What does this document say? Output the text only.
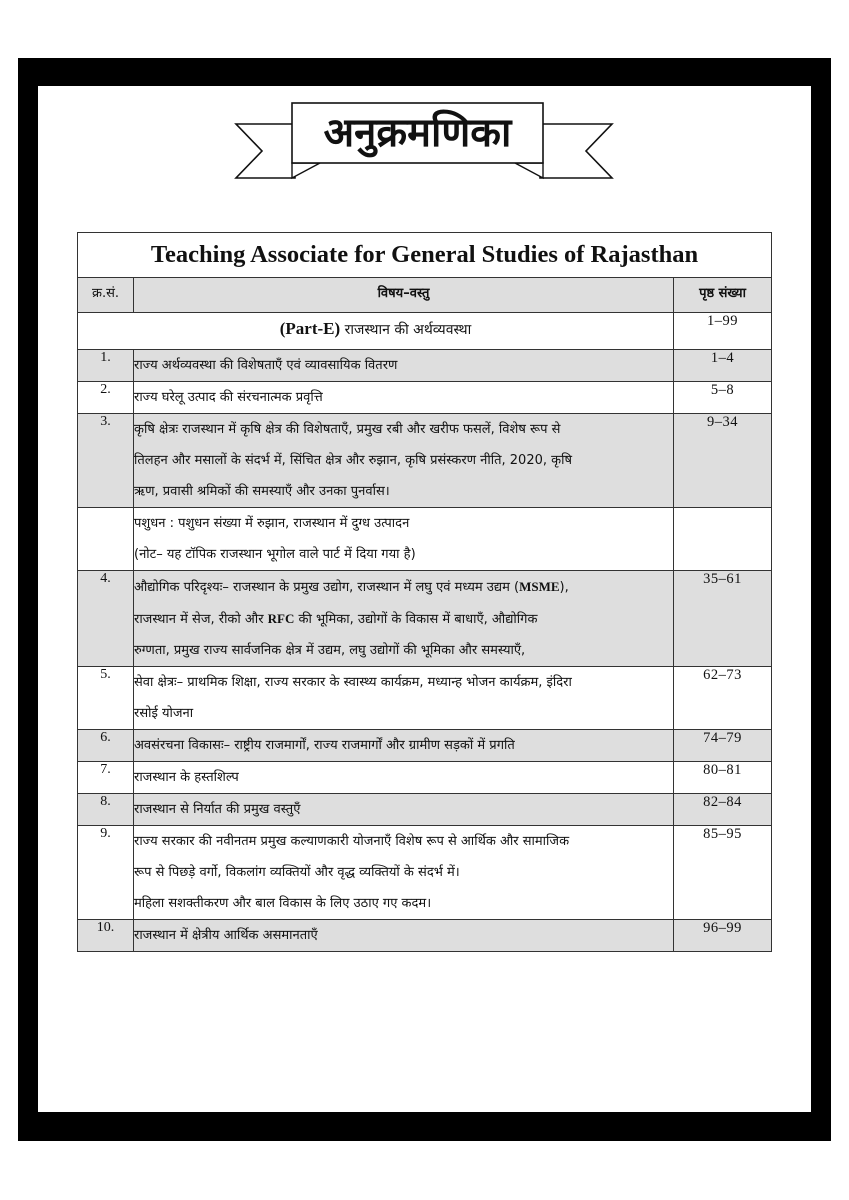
अनुक्रमणिका
Teaching Associate for General Studies of Rajasthan		
क्र.सं.	विषय–वस्तु	पृष्ठ संख्या
(Part-E) राजस्थान की अर्थव्यवस्था		1–99
1.	राज्य अर्थव्यवस्था की विशेषताएँ एवं व्यावसायिक वितरण	1–4
2.	राज्य घरेलू उत्पाद की संरचनात्मक प्रवृत्ति	5–8
3.	कृषि क्षेत्रः राजस्थान में कृषि क्षेत्र की विशेषताएँ, प्रमुख रबी और खरीफ फसलें, विशेष रूप से
तिलहन और मसालों के संदर्भ में, सिंचित क्षेत्र और रुझान, कृषि प्रसंस्करण नीति, 2020, कृषि
ऋण, प्रवासी श्रमिकों की समस्याएँ और उनका पुनर्वास।	9–34

	पशुधन : पशुधन संख्या में रुझान, राजस्थान में दुग्ध उत्पादन
(नोट– यह टॉपिक राजस्थान भूगोल वाले पार्ट में दिया गया है)	

4.	औद्योगिक परिदृश्यः– राजस्थान के प्रमुख उद्योग, राजस्थान में लघु एवं मध्यम उद्यम (MSME),
राजस्थान में सेज, रीको और RFC की भूमिका, उद्योगों के विकास में बाधाएँ, औद्योगिक
रुग्णता, प्रमुख राज्य सार्वजनिक क्षेत्र में उद्यम, लघु उद्योगों की भूमिका और समस्याएँ,	35–61
5.	सेवा क्षेत्रः– प्राथमिक शिक्षा, राज्य सरकार के स्वास्थ्य कार्यक्रम, मध्यान्ह भोजन कार्यक्रम, इंदिरा
रसोई योजना	62–73
6.	अवसंरचना विकासः– राष्ट्रीय राजमार्गों, राज्य राजमार्गों और ग्रामीण सड़कों में प्रगति	74–79
7.	राजस्थान के हस्तशिल्प	80–81
8.	राजस्थान से निर्यात की प्रमुख वस्तुएँ	82–84
9.	राज्य सरकार की नवीनतम प्रमुख कल्याणकारी योजनाएँ विशेष रूप से आर्थिक और सामाजिक
रूप से पिछड़े वर्गो, विकलांग व्यक्तियों और वृद्ध व्यक्तियों के संदर्भ में।
महिला सशक्तीकरण और बाल विकास के लिए उठाए गए कदम।	85–95
10.	राजस्थान में क्षेत्रीय आर्थिक असमानताएँ	96–99
